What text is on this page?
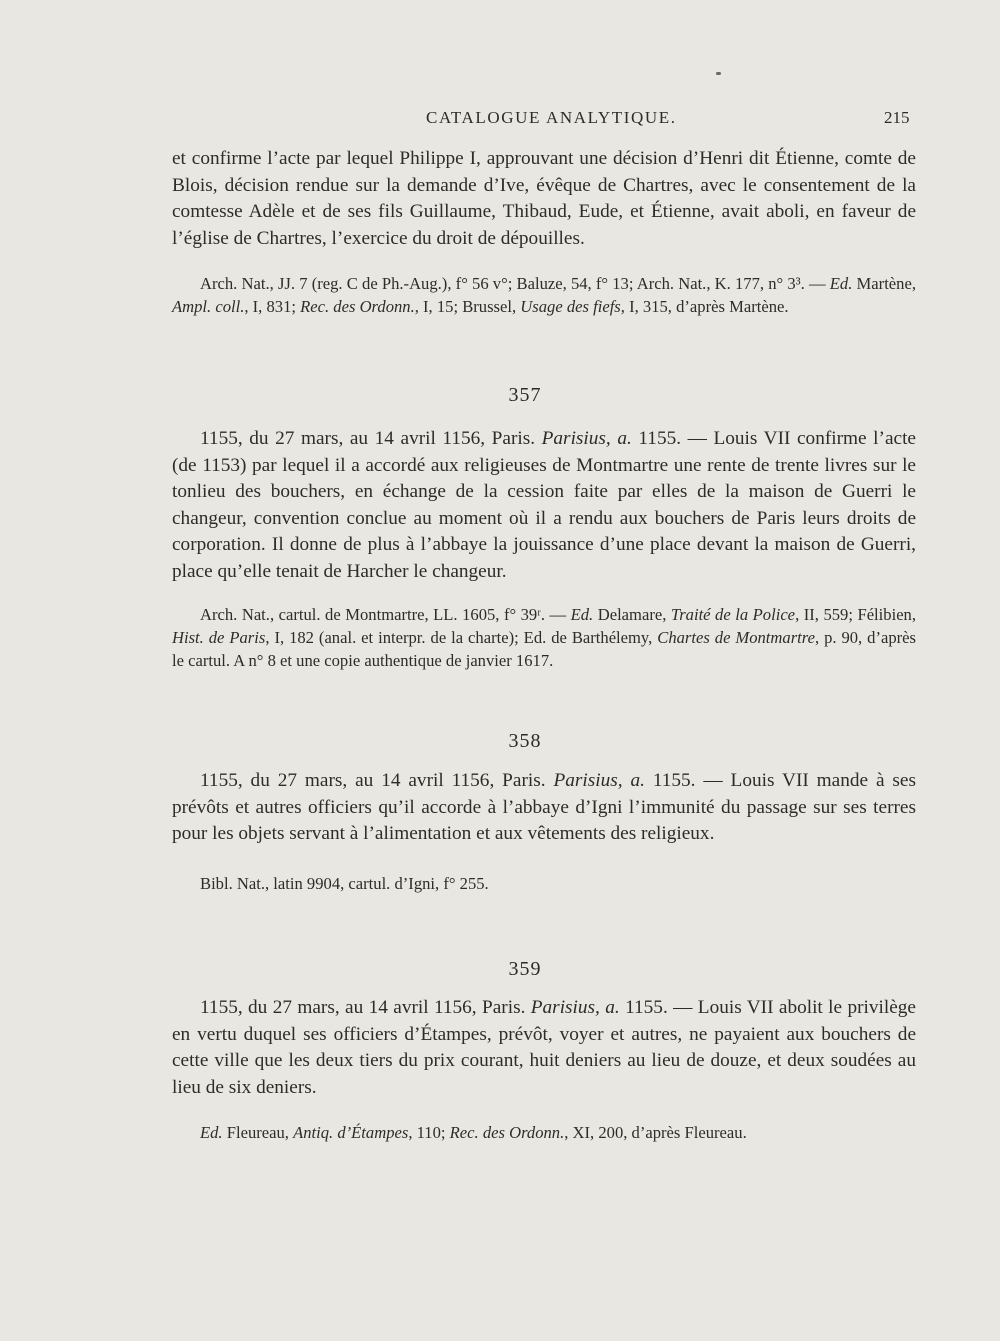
CATALOGUE ANALYTIQUE.	215

et confirme l’acte par lequel Philippe I, approuvant une décision d’Henri dit Étienne, comte de Blois, décision rendue sur la demande d’Ive, évêque de Chartres, avec le consentement de la comtesse Adèle et de ses fils Guillaume, Thibaud, Eude, et Étienne, avait aboli, en faveur de l’église de Chartres, l’exercice du droit de dépouilles.

Arch. Nat., JJ. 7 (reg. C de Ph.-Aug.), f° 56 v°; Baluze, 54, f° 13; Arch. Nat., K. 177, n° 3³. — Ed. Martène, Ampl. coll., I, 831; Rec. des Ordonn., I, 15; Brussel, Usage des fiefs, I, 315, d’après Martène.

357

1155, du 27 mars, au 14 avril 1156, Paris. Parisius, a. 1155. — Louis VII confirme l’acte (de 1153) par lequel il a accordé aux religieuses de Montmartre une rente de trente livres sur le tonlieu des bouchers, en échange de la cession faite par elles de la maison de Guerri le changeur, convention conclue au moment où il a rendu aux bouchers de Paris leurs droits de corporation. Il donne de plus à l’abbaye la jouissance d’une place devant la maison de Guerri, place qu’elle tenait de Harcher le changeur.

Arch. Nat., cartul. de Montmartre, LL. 1605, f° 39ʳ. — Ed. Delamare, Traité de la Police, II, 559; Félibien, Hist. de Paris, I, 182 (anal. et interpr. de la charte); Ed. de Barthélemy, Chartes de Montmartre, p. 90, d’après le cartul. A n° 8 et une copie authentique de janvier 1617.

358

1155, du 27 mars, au 14 avril 1156, Paris. Parisius, a. 1155. — Louis VII mande à ses prévôts et autres officiers qu’il accorde à l’abbaye d’Igni l’immunité du passage sur ses terres pour les objets servant à l’alimentation et aux vêtements des religieux.

Bibl. Nat., latin 9904, cartul. d’Igni, f° 255.

359

1155, du 27 mars, au 14 avril 1156, Paris. Parisius, a. 1155. — Louis VII abolit le privilège en vertu duquel ses officiers d’Étampes, prévôt, voyer et autres, ne payaient aux bouchers de cette ville que les deux tiers du prix courant, huit deniers au lieu de douze, et deux soudées au lieu de six deniers.

Ed. Fleureau, Antiq. d’Étampes, 110; Rec. des Ordonn., XI, 200, d’après Fleureau.
